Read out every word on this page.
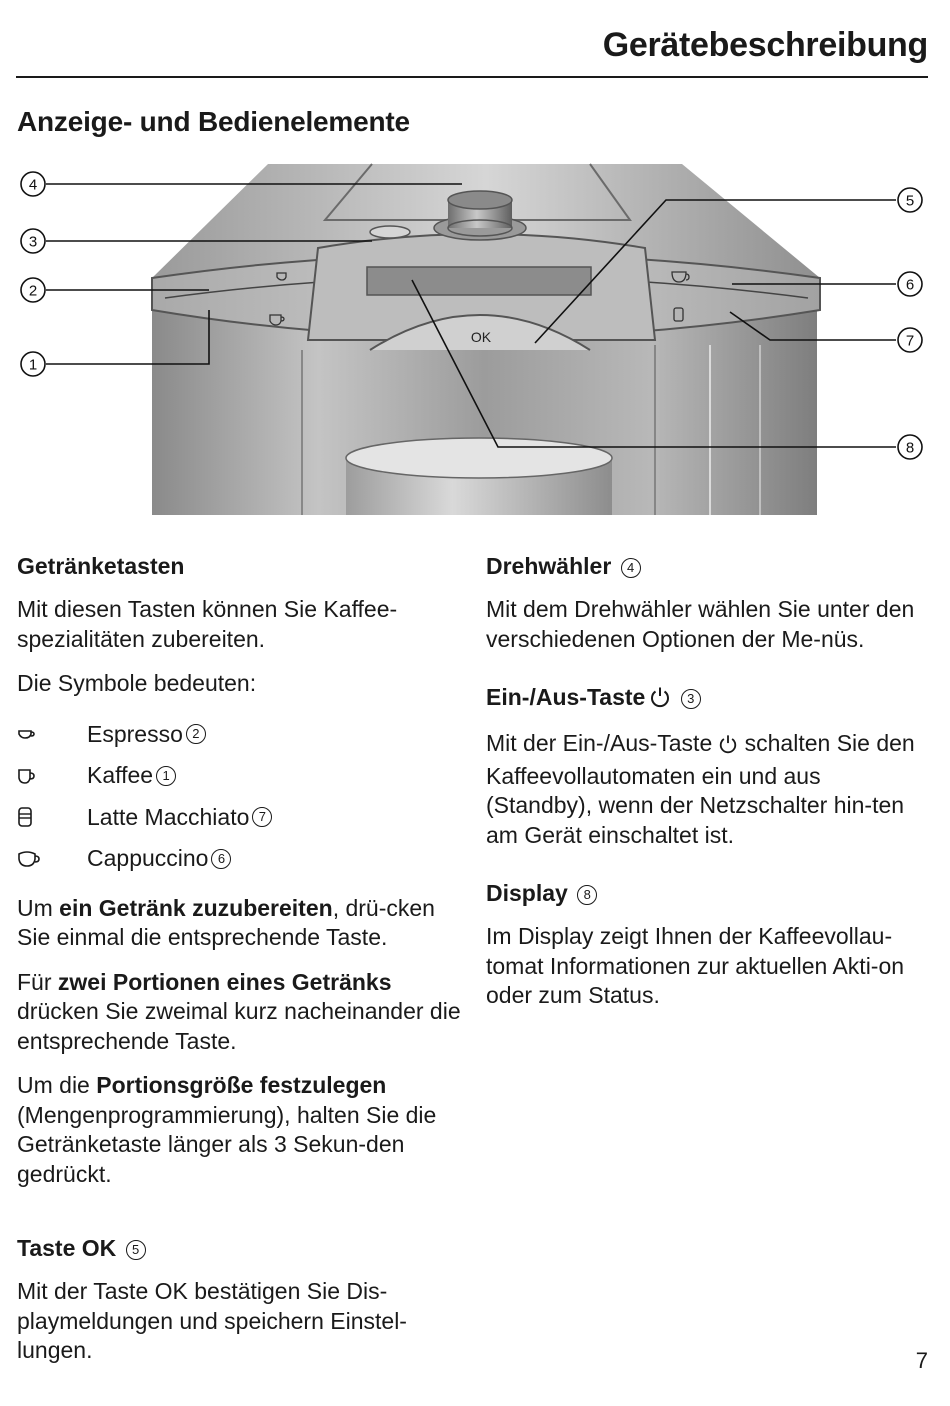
Gerätebeschreibung
Anzeige- und Bedienelemente
OK
4
3
2
1
5
6
7
8
Getränketasten

Mit diesen Tasten können Sie Kaffee-spezialitäten zubereiten.

Die Symbole bedeuten:

Espresso 2
Kaffee 1
Latte Macchiato 7
Cappuccino 6

Um ein Getränk zuzubereiten, drü-cken Sie einmal die entsprechende Taste.

Für zwei Portionen eines Getränks drücken Sie zweimal kurz nacheinander die entsprechende Taste.

Um die Portionsgröße festzulegen (Mengenprogrammierung), halten Sie die Getränketaste länger als 3 Sekun-den gedrückt.

Taste OK 5

Mit der Taste OK bestätigen Sie Dis-playmeldungen und speichern Einstel-lungen.

Drehwähler 4

Mit dem Drehwähler wählen Sie unter den verschiedenen Optionen der Me-nüs.

Ein-/Aus-Taste	3

Mit der Ein-/Aus-Taste schalten Sie den Kaffeevollautomaten ein und aus (Standby), wenn der Netzschalter hin-ten am Gerät einschaltet ist.

Display 8

Im Display zeigt Ihnen der Kaffeevollau-tomat Informationen zur aktuellen Akti-on oder zum Status.

7
